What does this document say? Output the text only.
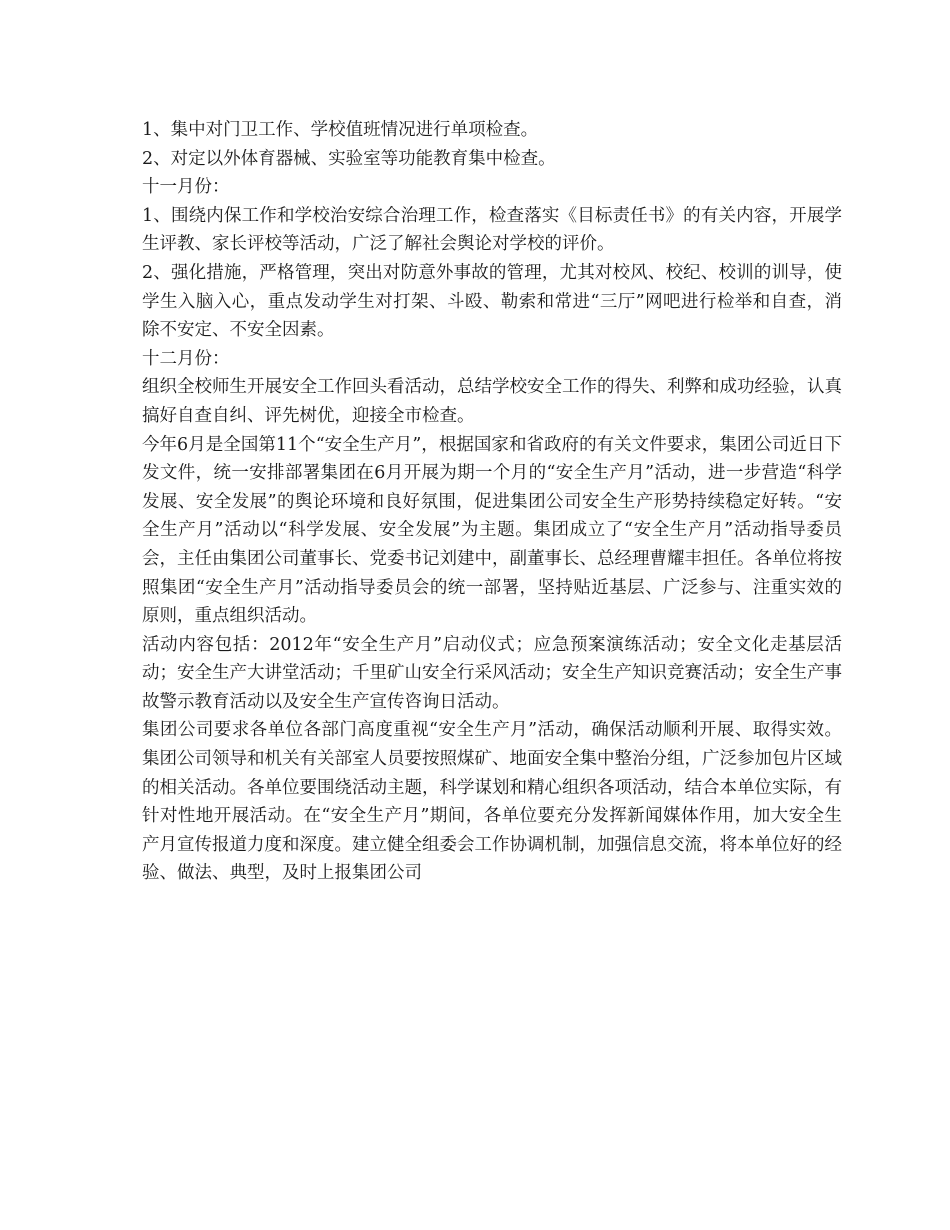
1、集中对门卫工作、学校值班情况进行单项检查。

2、对定以外体育器械、实验室等功能教育集中检查。

十一月份：

1、围绕内保工作和学校治安综合治理工作，检查落实《目标责任书》的有关内容，开展学生评教、家长评校等活动，广泛了解社会舆论对学校的评价。

2、强化措施，严格管理，突出对防意外事故的管理，尤其对校风、校纪、校训的训导，使学生入脑入心，重点发动学生对打架、斗殴、勒索和常进“三厅”网吧进行检举和自查，消除不安定、不安全因素。

十二月份：

组织全校师生开展安全工作回头看活动，总结学校安全工作的得失、利弊和成功经验，认真搞好自查自纠、评先树优，迎接全市检查。

今年6月是全国第11个“安全生产月”，根据国家和省政府的有关文件要求，集团公司近日下发文件，统一安排部署集团在6月开展为期一个月的“安全生产月”活动，进一步营造“科学发展、安全发展”的舆论环境和良好氛围，促进集团公司安全生产形势持续稳定好转。“安全生产月”活动以“科学发展、安全发展”为主题。集团成立了“安全生产月”活动指导委员会，主任由集团公司董事长、党委书记刘建中，副董事长、总经理曹耀丰担任。各单位将按照集团“安全生产月”活动指导委员会的统一部署，坚持贴近基层、广泛参与、注重实效的原则，重点组织活动。

活动内容包括：2012年“安全生产月”启动仪式；应急预案演练活动；安全文化走基层活动；安全生产大讲堂活动；千里矿山安全行采风活动；安全生产知识竞赛活动；安全生产事故警示教育活动以及安全生产宣传咨询日活动。

集团公司要求各单位各部门高度重视“安全生产月”活动，确保活动顺利开展、取得实效。集团公司领导和机关有关部室人员要按照煤矿、地面安全集中整治分组，广泛参加包片区域的相关活动。各单位要围绕活动主题，科学谋划和精心组织各项活动，结合本单位实际，有针对性地开展活动。在“安全生产月”期间，各单位要充分发挥新闻媒体作用，加大安全生产月宣传报道力度和深度。建立健全组委会工作协调机制，加强信息交流，将本单位好的经验、做法、典型，及时上报集团公司
